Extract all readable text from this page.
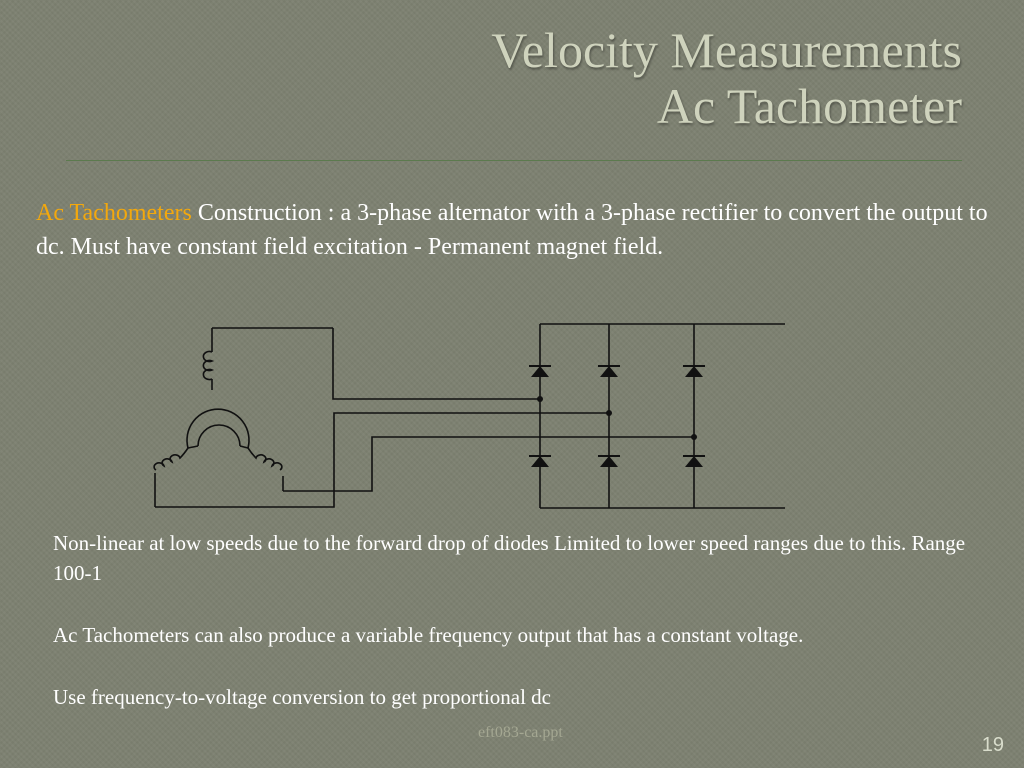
Velocity Measurements
Ac Tachometer

Ac Tachometers Construction : a 3-phase alternator with a 3-phase rectifier to convert the output to dc. Must have constant field excitation - Permanent magnet field.

Non-linear at low speeds due to the forward drop of diodes Limited to lower speed ranges due to this. Range 100-1

Ac Tachometers can also produce a variable frequency output that has a constant voltage.

Use frequency-to-voltage conversion to get proportional dc

eft083-ca.ppt
19
